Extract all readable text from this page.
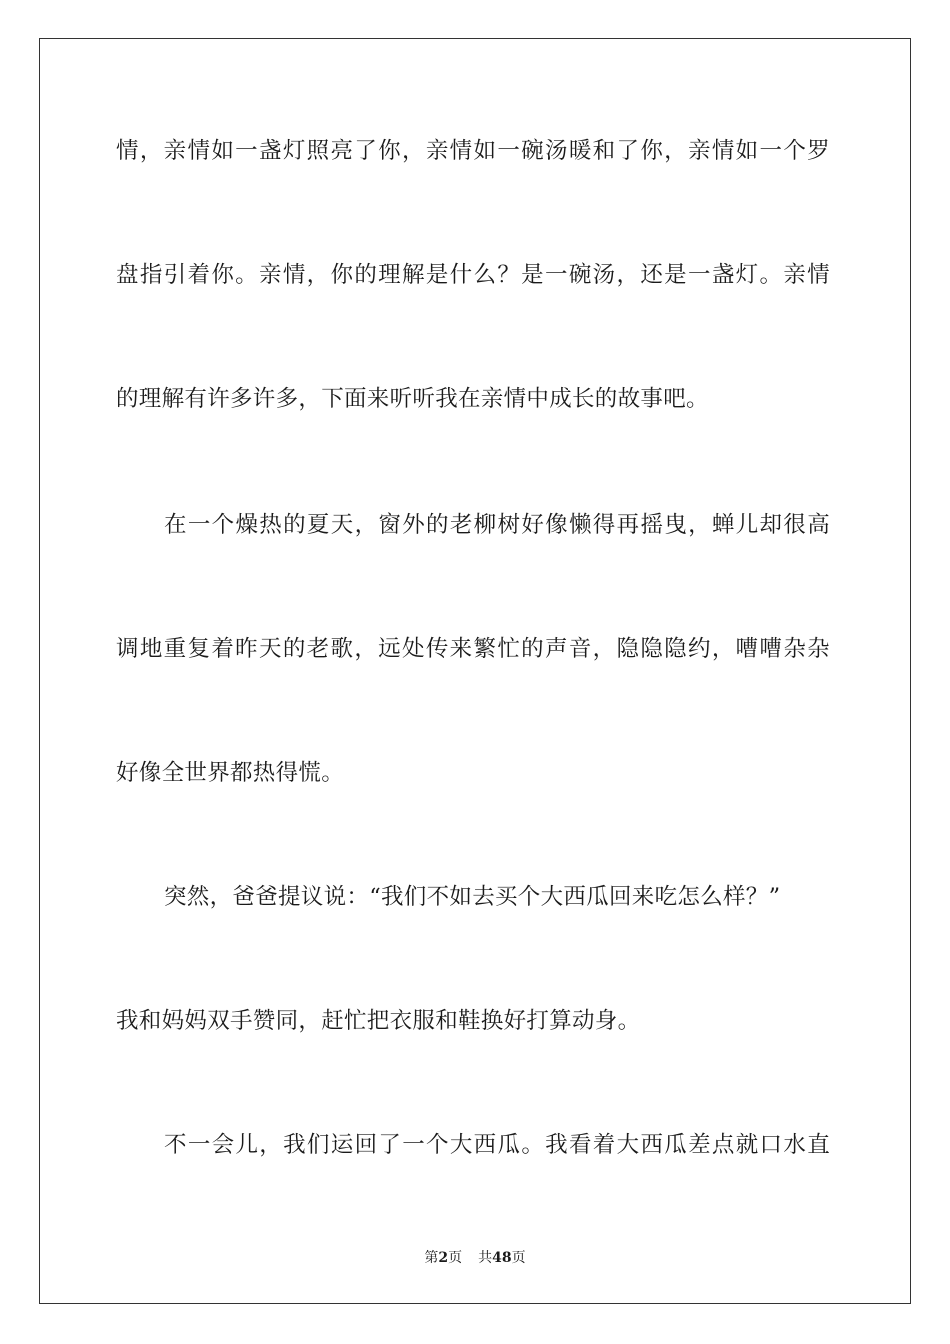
情，亲情如一盏灯照亮了你，亲情如一碗汤暖和了你，亲情如一个罗
盘指引着你。亲情，你的理解是什么？是一碗汤，还是一盏灯。亲情
的理解有许多许多，下面来听听我在亲情中成长的故事吧。
在一个燥热的夏天，窗外的老柳树好像懒得再摇曳，蝉儿却很高
调地重复着昨天的老歌，远处传来繁忙的声音，隐隐隐约，嘈嘈杂杂
好像全世界都热得慌。
突然，爸爸提议说：“我们不如去买个大西瓜回来吃怎么样？”
我和妈妈双手赞同，赶忙把衣服和鞋换好打算动身。
不一会儿，我们运回了一个大西瓜。我看着大西瓜差点就口水直
第2页 共48页
